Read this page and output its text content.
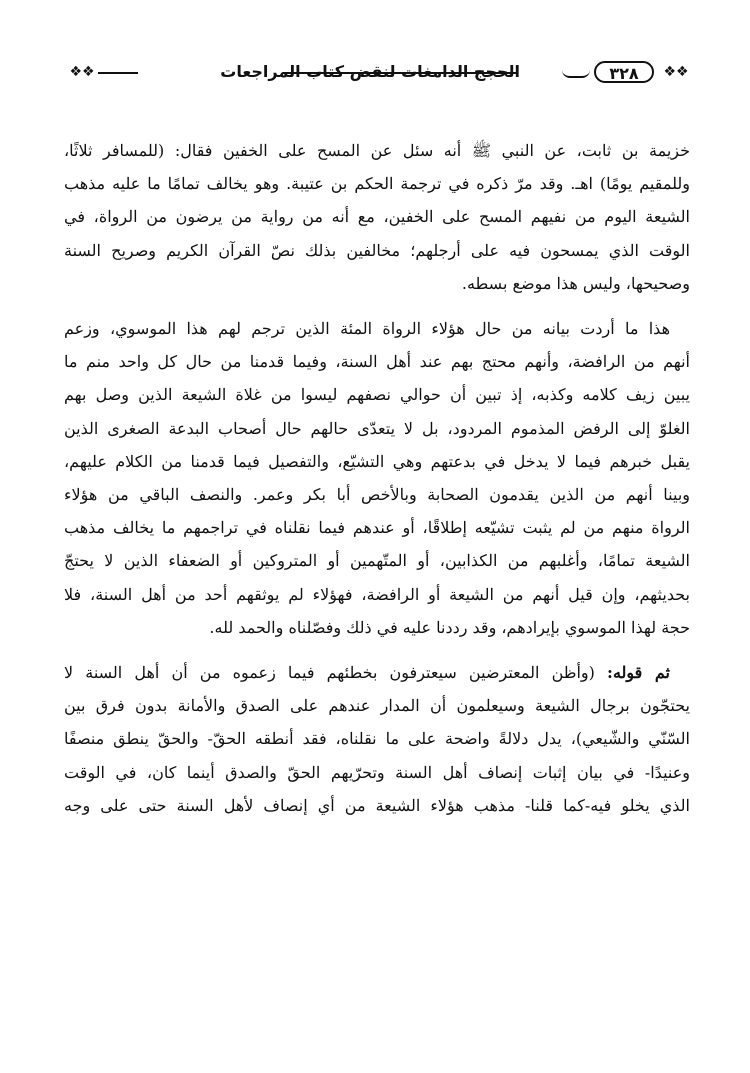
❖❖
٣٢٨
الحجج الدامغات لنقض كتاب المراجعات
❖❖
خزيمة بن ثابت، عن النبي ﷺ أنه سئل عن المسح على الخفين فقال: (للمسافر ثلاثًا،
وللمقيم يومًا) اهـ. وقد مرّ ذكره في ترجمة الحكم بن عتيبة. وهو يخالف تمامًا ما عليه مذهب
الشيعة اليوم من نفيهم المسح على الخفين، مع أنه من رواية من يرضون من الرواة، في
الوقت الذي يمسحون فيه على أرجلهم؛ مخالفين بذلك نصّ القرآن الكريم وصريح السنة
وصحيحها، وليس هذا موضع بسطه.
هذا ما أردت بيانه من حال هؤلاء الرواة المئة الذين ترجم لهم هذا الموسوي، وزعم
أنهم من الرافضة، وأنهم محتج بهم عند أهل السنة، وفيما قدمنا من حال كل واحد منم ما
يبين زيف كلامه وكذبه، إذ تبين أن حوالي نصفهم ليسوا من غلاة الشيعة الذين وصل بهم
الغلوّ إلى الرفض المذموم المردود، بل لا يتعدّى حالهم حال أصحاب البدعة الصغرى الذين
يقبل خبرهم فيما لا يدخل في بدعتهم وهي التشيّع، والتفصيل فيما قدمنا من الكلام عليهم،
وبينا أنهم من الذين يقدمون الصحابة وبالأخص أبا بكر وعمر. والنصف الباقي من هؤلاء
الرواة منهم من لم يثبت تشيّعه إطلاقًا، أو عندهم فيما نقلناه في تراجمهم ما يخالف مذهب
الشيعة تمامًا، وأغلبهم من الكذابين، أو المتّهمين أو المتروكين أو الضعفاء الذين لا يحتجّ
بحديثهم، وإن قيل أنهم من الشيعة أو الرافضة، فهؤلاء لم يوثقهم أحد من أهل السنة، فلا
حجة لهذا الموسوي بإيرادهم، وقد رددنا عليه في ذلك وفصّلناه والحمد لله.
ثم قوله: (وأظن المعترضين سيعترفون بخطئهم فيما زعموه من أن أهل السنة لا
يحتجّون برجال الشيعة وسيعلمون أن المدار عندهم على الصدق والأمانة بدون فرق بين
السّنّي والشّيعي)، يدل دلالةً واضحة على ما نقلناه، فقد أنطقه الحقّ- والحقّ ينطق منصفًا
وعنيدًا- في بيان إثبات إنصاف أهل السنة وتحرّيهم الحقّ والصدق أينما كان، في الوقت
الذي يخلو فيه-كما قلنا- مذهب هؤلاء الشيعة من أي إنصاف لأهل السنة حتى على وجه
